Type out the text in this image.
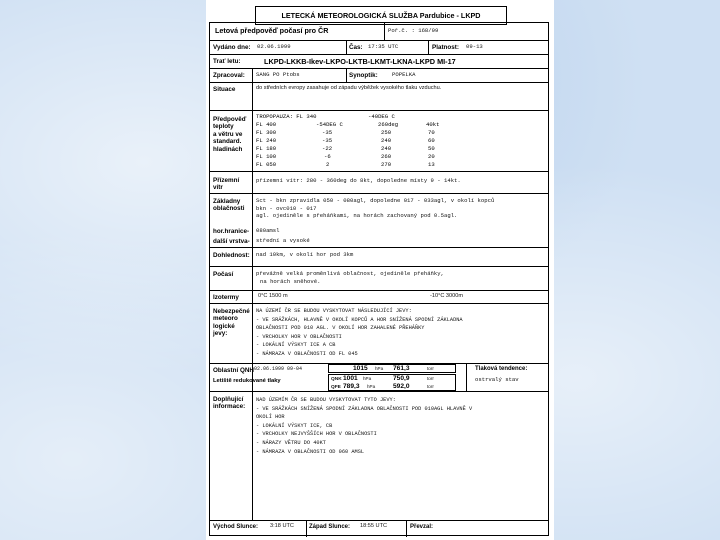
LETECKÁ METEOROLOGICKÁ SLUŽBA Pardubice - LKPD
Letová předpověď počasí pro ČR	Poř.č. : 168/99
Vydáno dne: 02.06.1999	Čas: 17:35 UTC	Platnost: 09-13
Trať letu:	LKPD-LKKB-Ikev-LKPO-LKTB-LKMT-LKNA-LKPD MI-17
Zpracoval: SANG PO Ptobs	Synoptik:	POPELKA
Situace	do středních evropy zasahuje od západu výběžek vysokého tlaku vzduchu.
Předpověď
teploty
a větru ve
standard.
hladinách
TROPOPAUZA: FL 340	-40DEG C
FL 400	-54DEG C	260deg	40kt
FL 300	-35	250	70
FL 240	-35	240	60
FL 180	-22	240	50
FL 100	-6	260	20
FL 050	2	270	13
Přízemní
vítr
přízemní vítr: 280 - 360deg do 8kt, dopoledne místy 9 - 14kt.
Základny
oblačnosti
Sct - bkn zpravidla 050 - 080agl, dopoledne 017 - 033agl, v okolí kopců
bkn - ovc010 - 017
agl. ojediněle s přeháňkami, na horách zachovaný pod 0.5agl.
hor.hranice- 080amsl
další vrstva- střední a vysoké
Dohlednost: nad 10km, v okolí hor pod 3km
Počasí	převážně velká proměnlivá oblačnost, ojediněle přeháňky,
na horách sněhové.
Izotermy	0°C 1500 m	-10°C 3000m
Nebezpečné
meteoro
logické
jevy:
NA ÚZEMÍ ČR SE BUDOU VYSKYTOVAT NÁSLEDUJÍCÍ JEVY:
- VE SRÁŽKÁCH, HLAVNĚ V OKOLÍ KOPCŮ A HOR SNÍŽENÁ SPODNÍ ZÁKLADNA
OBLAČNOSTI POD 010 AGL. V OKOLÍ HOR ZAHALENÉ PŘEHÁŇKY
- VRCHOLKY HOR V OBLAČNOSTI
- LOKÁLNÍ VÝSKYT ICE A CB
- NÁMRAZA V OBLAČNOSTI OD FL 045
Oblastní QNH 02.06.1999 09-04	1015 hPa 761,3	torr
Letiště redukované tlaky	QNK 1001 hPa	750,9	torr
QFE 789,3 hPa	592,0	torr
Tlaková tendence:
ostrvalý stav
Doplňující
informace:
NAD ÚZEMÍM ČR SE BUDOU VYSKYTOVAT TYTO JEVY:
- VE SRÁŽKÁCH SNÍŽENÁ SPODNÍ ZÁKLADNA OBLAČNOSTI POD 010AGL HLAVNĚ V
OKOLÍ HOR
- LOKÁLNÍ VÝSKYT ICE, CB
- VRCHOLKY NEJVYŠŠÍCH HOR V OBLAČNOSTI
- NÁRAZY VĚTRU DO 40KT
- NÁMRAZA V OBLAČNOSTI OD 060 AMSL
Východ Slunce: 3:18 UTC	Západ Slunce: 18:55 UTC	Převzal:
